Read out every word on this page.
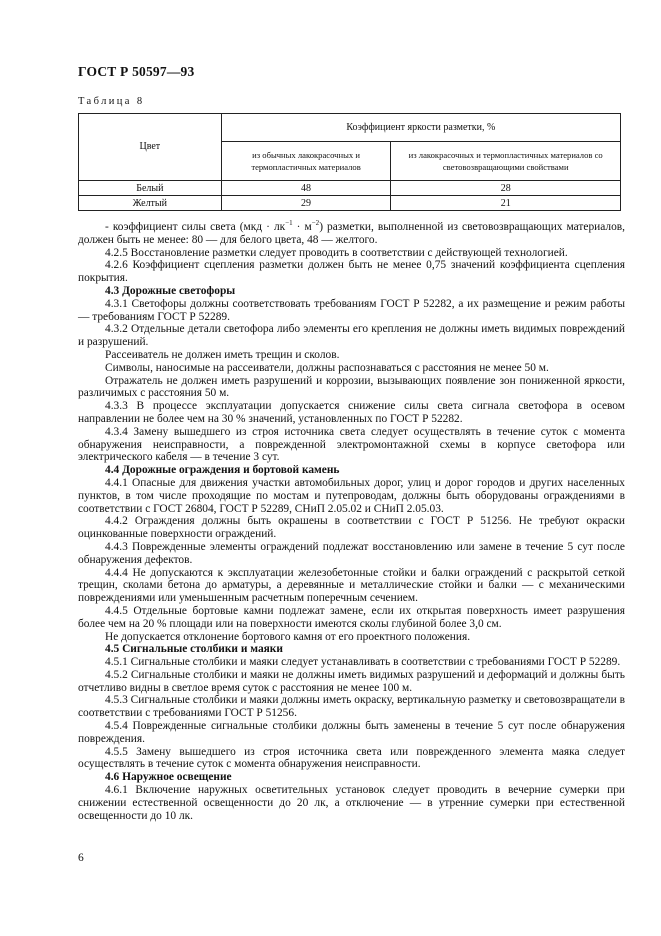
ГОСТ Р 50597—93
Таблица 8
Цвет	Коэффициент яркости разметки, %	
	из обычных лакокрасочных и термопластичных материалов	из лакокрасочных и термопластичных материалов со световозвращающими свойствами
Белый	48	28
Желтый	29	21

- коэффициент силы света $(мкд \cdot лк^{-1} \cdot м^{-2})$ разметки, выполненной из световозвращающих материалов, должен быть не менее: 80 — для белого цвета, 48 — желтого.

4.2.5 Восстановление разметки следует проводить в соответствии с действующей технологией.

4.2.6 Коэффициент сцепления разметки должен быть не менее 0,75 значений коэффициента сцепления покрытия.

4.3 Дорожные светофоры

4.3.1 Светофоры должны соответствовать требованиям ГОСТ Р 52282, а их размещение и режим работы — требованиям ГОСТ Р 52289.

4.3.2 Отдельные детали светофора либо элементы его крепления не должны иметь видимых повреждений и разрушений.

Рассеиватель не должен иметь трещин и сколов.

Символы, наносимые на рассеиватели, должны распознаваться с расстояния не менее 50 м.

Отражатель не должен иметь разрушений и коррозии, вызывающих появление зон пониженной яркости, различимых с расстояния 50 м.

4.3.3 В процессе эксплуатации допускается снижение силы света сигнала светофора в осевом направлении не более чем на 30 % значений, установленных по ГОСТ Р 52282.

4.3.4 Замену вышедшего из строя источника света следует осуществлять в течение суток с момента обнаружения неисправности, а поврежденной электромонтажной схемы в корпусе светофора или электрического кабеля — в течение 3 сут.

4.4 Дорожные ограждения и бортовой камень

4.4.1 Опасные для движения участки автомобильных дорог, улиц и дорог городов и других населенных пунктов, в том числе проходящие по мостам и путепроводам, должны быть оборудованы ограждениями в соответствии с ГОСТ 26804, ГОСТ Р 52289, СНиП 2.05.02 и СНиП 2.05.03.

4.4.2 Ограждения должны быть окрашены в соответствии с ГОСТ Р 51256. Не требуют окраски оцинкованные поверхности ограждений.

4.4.3 Поврежденные элементы ограждений подлежат восстановлению или замене в течение 5 сут после обнаружения дефектов.

4.4.4 Не допускаются к эксплуатации железобетонные стойки и балки ограждений с раскрытой сеткой трещин, сколами бетона до арматуры, а деревянные и металлические стойки и балки — с механическими повреждениями или уменьшенным расчетным поперечным сечением.

4.4.5 Отдельные бортовые камни подлежат замене, если их открытая поверхность имеет разрушения более чем на 20 % площади или на поверхности имеются сколы глубиной более 3,0 см.

Не допускается отклонение бортового камня от его проектного положения.

4.5 Сигнальные столбики и маяки

4.5.1 Сигнальные столбики и маяки следует устанавливать в соответствии с требованиями ГОСТ Р 52289.

4.5.2 Сигнальные столбики и маяки не должны иметь видимых разрушений и деформаций и должны быть отчетливо видны в светлое время суток с расстояния не менее 100 м.

4.5.3 Сигнальные столбики и маяки должны иметь окраску, вертикальную разметку и световозвращатели в соответствии с требованиями ГОСТ Р 51256.

4.5.4 Поврежденные сигнальные столбики должны быть заменены в течение 5 сут после обнаружения повреждения.

4.5.5 Замену вышедшего из строя источника света или поврежденного элемента маяка следует осуществлять в течение суток с момента обнаружения неисправности.

4.6 Наружное освещение

4.6.1 Включение наружных осветительных установок следует проводить в вечерние сумерки при снижении естественной освещенности до 20 лк, а отключение — в утренние сумерки при естественной освещенности до 10 лк.

6
